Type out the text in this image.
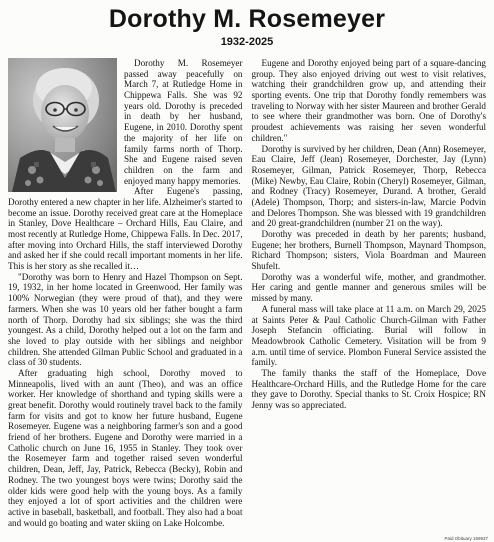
Dorothy M. Rosemeyer
1932-2025

Dorothy M. Rosemeyer passed away peacefully on March 7, at Rutledge Home in Chippewa Falls. She was 92 years old. Dorothy is preceded in death by her husband, Eugene, in 2010. Dorothy spent the majority of her life on family farms north of Thorp. She and Eugene raised seven children on the farm and enjoyed many happy memories.

After Eugene's passing, Dorothy entered a new chapter in her life. Alzheimer's started to become an issue. Dorothy received great care at the Homeplace in Stanley, Dove Healthcare – Orchard Hills, Eau Claire, and most recently at Rutledge Home, Chippewa Falls. In Dec. 2017, after moving into Orchard Hills, the staff interviewed Dorothy and asked her if she could recall important moments in her life. This is her story as she recalled it…

"Dorothy was born to Henry and Hazel Thompson on Sept. 19, 1932, in her home located in Greenwood. Her family was 100% Norwegian (they were proud of that), and they were farmers. When she was 10 years old her father bought a farm north of Thorp. Dorothy had six siblings; she was the third youngest. As a child, Dorothy helped out a lot on the farm and she loved to play outside with her siblings and neighbor children. She attended Gilman Public School and graduated in a class of 30 students.

After graduating high school, Dorothy moved to Minneapolis, lived with an aunt (Theo), and was an office worker. Her knowledge of shorthand and typing skills were a great benefit. Dorothy would routinely travel back to the family farm for visits and got to know her future husband, Eugene Rosemeyer. Eugene was a neighboring farmer's son and a good friend of her brothers. Eugene and Dorothy were married in a Catholic church on June 16, 1955 in Stanley. They took over the Rosemeyer farm and together raised seven wonderful children, Dean, Jeff, Jay, Patrick, Rebecca (Becky), Robin and Rodney. The two youngest boys were twins; Dorothy said the older kids were good help with the young boys. As a family they enjoyed a lot of sport activities and the children were active in baseball, basketball, and football. They also had a boat and would go boating and water skiing on Lake Holcombe.

Eugene and Dorothy enjoyed being part of a square-dancing group. They also enjoyed driving out west to visit relatives, watching their grandchildren grow up, and attending their sporting events. One trip that Dorothy fondly remembers was traveling to Norway with her sister Maureen and brother Gerald to see where their grandmother was born. One of Dorothy's proudest achievements was raising her seven wonderful children."

Dorothy is survived by her children, Dean (Ann) Rosemeyer, Eau Claire, Jeff (Jean) Rosemeyer, Dorchester, Jay (Lynn) Rosemeyer, Gilman, Patrick Rosemeyer, Thorp, Rebecca (Mike) Newby, Eau Claire, Robin (Cheryl) Rosemeyer, Gilman, and Rodney (Tracy) Rosemeyer, Durand. A brother, Gerald (Adele) Thompson, Thorp; and sisters-in-law, Marcie Podvin and Delores Thompson. She was blessed with 19 grandchildren and 20 great-grandchildren (number 21 on the way).

Dorothy was preceded in death by her parents; husband, Eugene; her brothers, Burnell Thompson, Maynard Thompson, Richard Thompson; sisters, Viola Boardman and Maureen Shufelt.

Dorothy was a wonderful wife, mother, and grandmother. Her caring and gentle manner and generous smiles will be missed by many.

A funeral mass will take place at 11 a.m. on March 29, 2025 at Saints Peter & Paul Catholic Church-Gilman with Father Joseph Stefancin officiating. Burial will follow in Meadowbrook Catholic Cemetery. Visitation will be from 9 a.m. until time of service. Plombon Funeral Service assisted the family.

The family thanks the staff of the Homeplace, Dove Healthcare-Orchard Hills, and the Rutledge Home for the care they gave to Dorothy. Special thanks to St. Croix Hospice; RN Jenny was so appreciated.

Paid Obituary 169937
